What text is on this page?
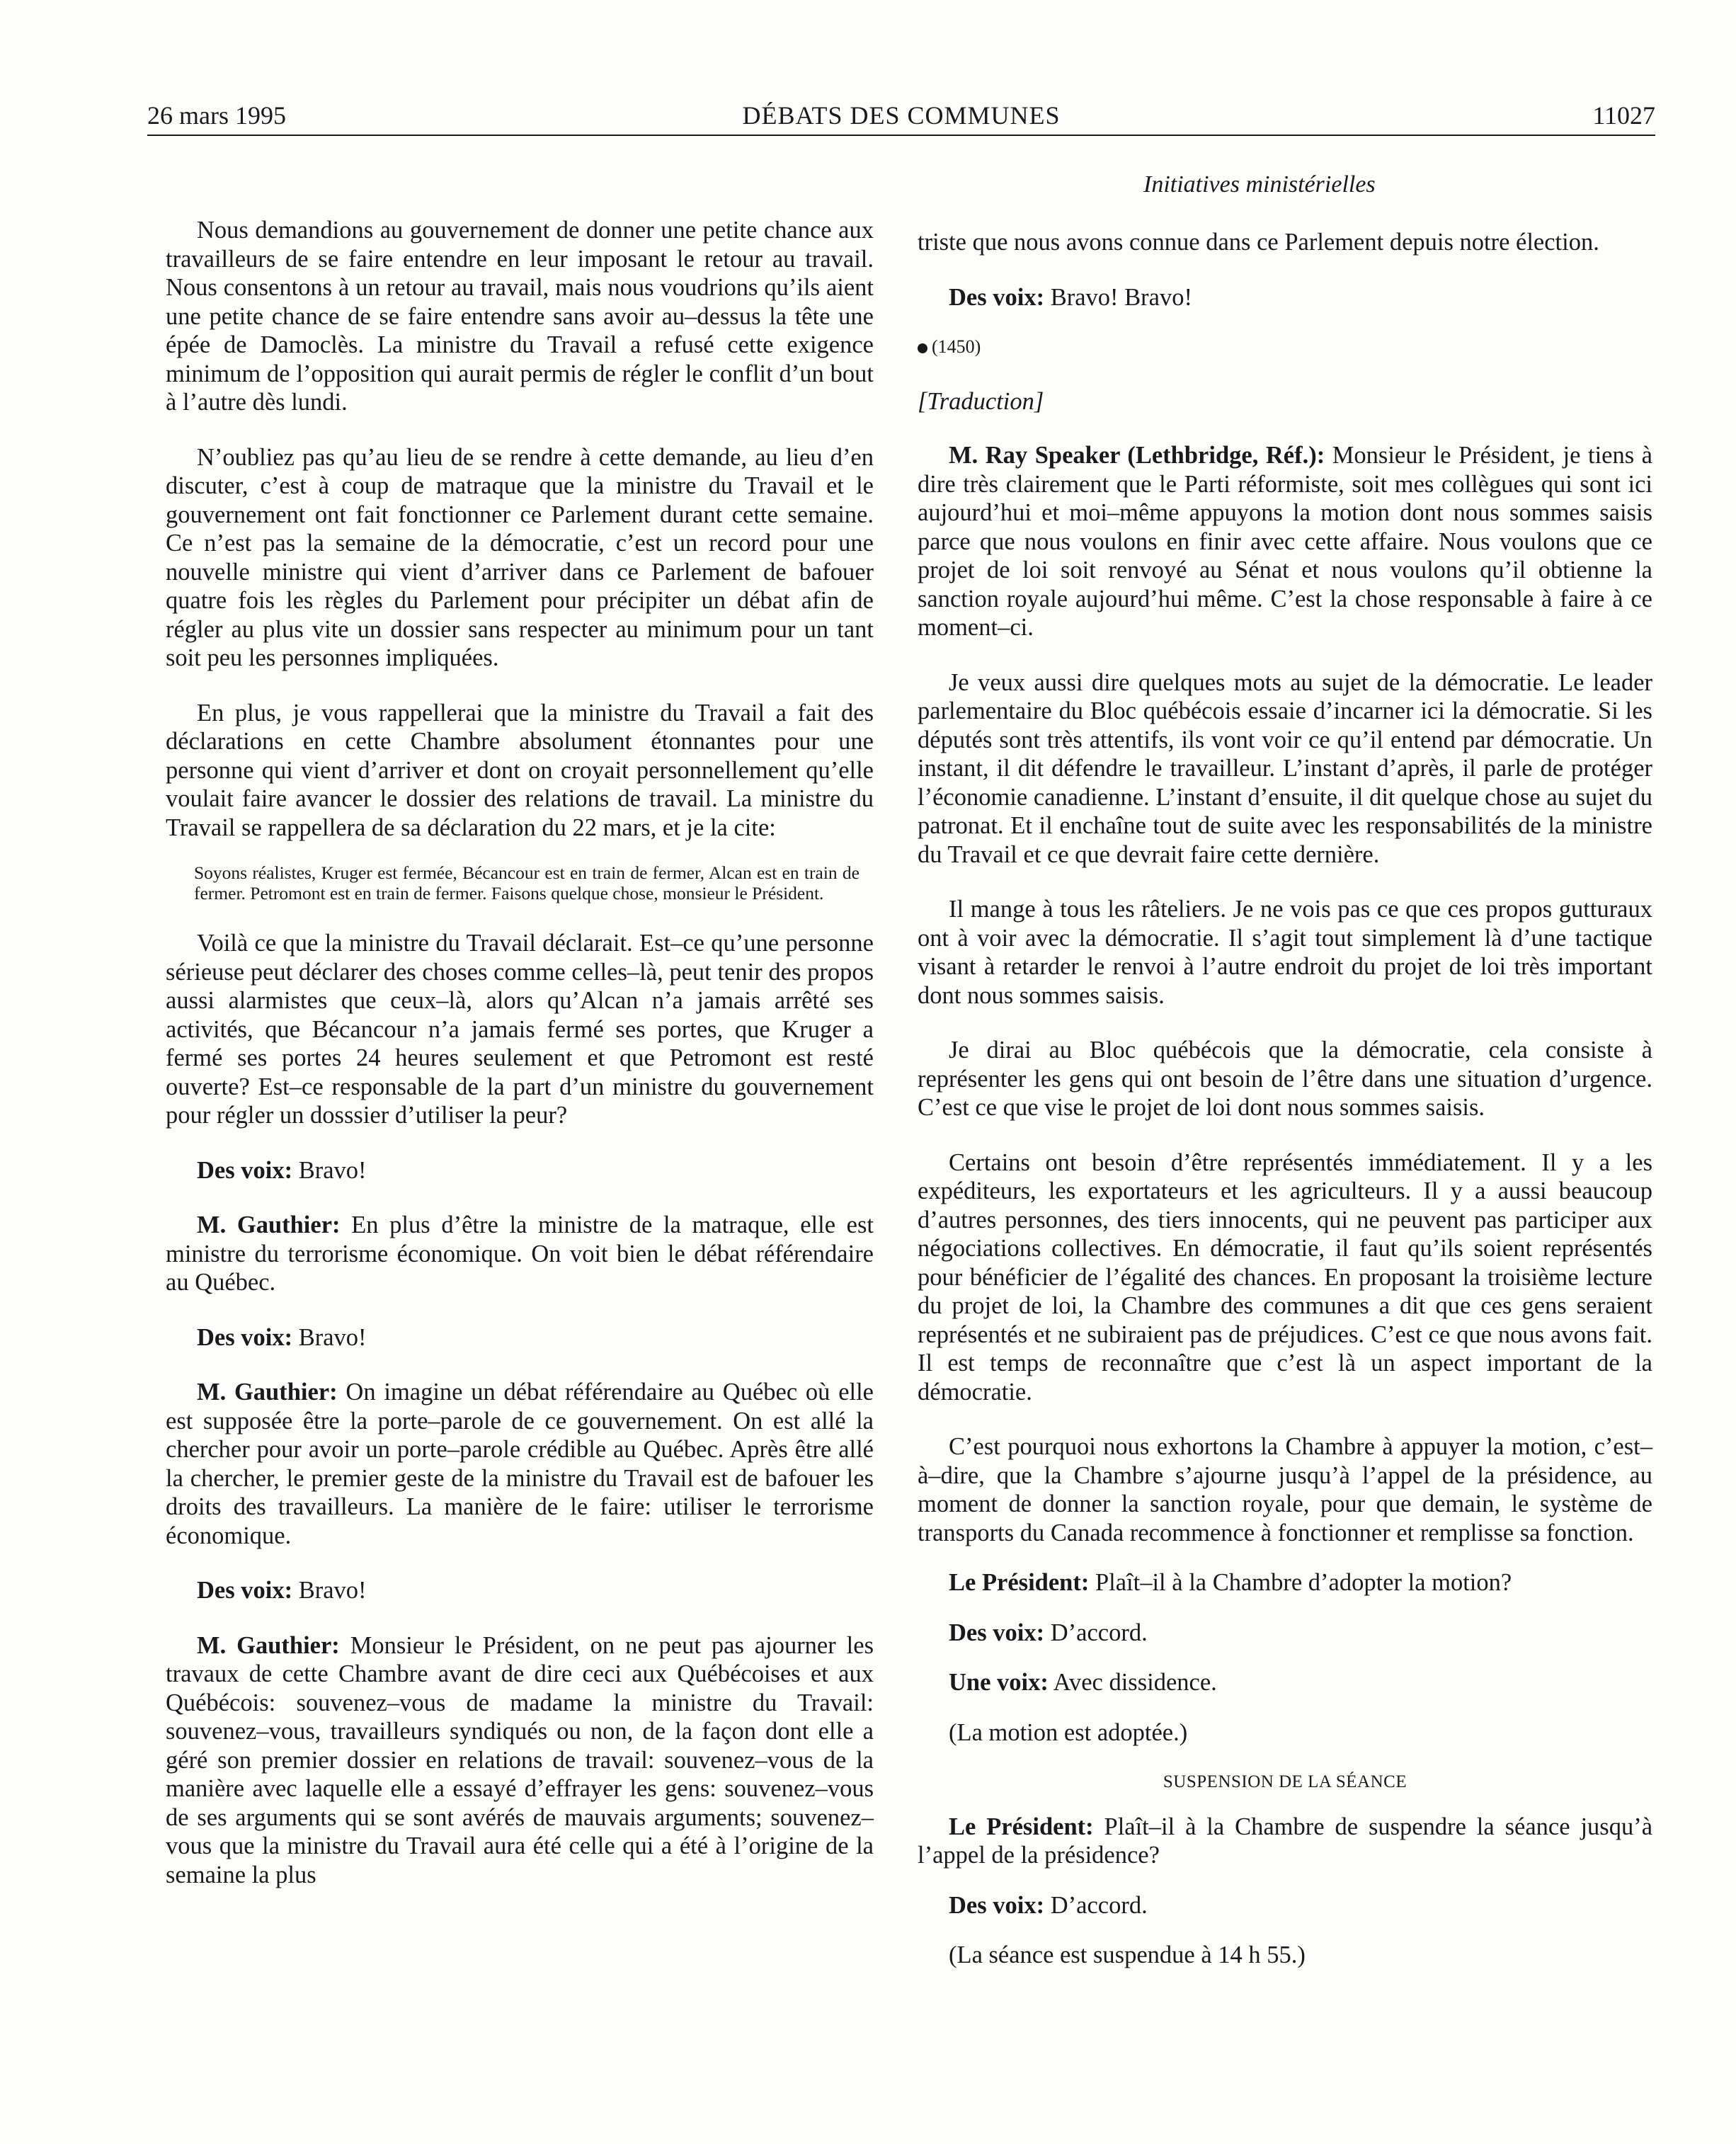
26 mars 1995	DÉBATS DES COMMUNES	11027
Initiatives ministérielles

Nous demandions au gouvernement de donner une petite chance aux travailleurs de se faire entendre en leur imposant le retour au travail. Nous consentons à un retour au travail, mais nous voudrions qu’ils aient une petite chance de se faire entendre sans avoir au–dessus la tête une épée de Damoclès. La ministre du Travail a refusé cette exigence minimum de l’opposition qui aurait permis de régler le conflit d’un bout à l’autre dès lundi.

N’oubliez pas qu’au lieu de se rendre à cette demande, au lieu d’en discuter, c’est à coup de matraque que la ministre du Travail et le gouvernement ont fait fonctionner ce Parlement durant cette semaine. Ce n’est pas la semaine de la démocratie, c’est un record pour une nouvelle ministre qui vient d’arriver dans ce Parlement de bafouer quatre fois les règles du Parlement pour précipiter un débat afin de régler au plus vite un dossier sans respecter au minimum pour un tant soit peu les personnes impliquées.

En plus, je vous rappellerai que la ministre du Travail a fait des déclarations en cette Chambre absolument étonnantes pour une personne qui vient d’arriver et dont on croyait personnellement qu’elle voulait faire avancer le dossier des relations de travail. La ministre du Travail se rappellera de sa déclaration du 22 mars, et je la cite:

Soyons réalistes, Kruger est fermée, Bécancour est en train de fermer, Alcan est en train de fermer. Petromont est en train de fermer. Faisons quelque chose, monsieur le Président.

Voilà ce que la ministre du Travail déclarait. Est–ce qu’une personne sérieuse peut déclarer des choses comme celles–là, peut tenir des propos aussi alarmistes que ceux–là, alors qu’Alcan n’a jamais arrêté ses activités, que Bécancour n’a jamais fermé ses portes, que Kruger a fermé ses portes 24 heures seulement et que Petromont est resté ouverte? Est–ce responsable de la part d’un ministre du gouvernement pour régler un dosssier d’utiliser la peur?

Des voix: Bravo!

M. Gauthier: En plus d’être la ministre de la matraque, elle est ministre du terrorisme économique. On voit bien le débat référendaire au Québec.

Des voix: Bravo!

M. Gauthier: On imagine un débat référendaire au Québec où elle est supposée être la porte–parole de ce gouvernement. On est allé la chercher pour avoir un porte–parole crédible au Québec. Après être allé la chercher, le premier geste de la ministre du Travail est de bafouer les droits des travailleurs. La manière de le faire: utiliser le terrorisme économique.

Des voix: Bravo!

M. Gauthier: Monsieur le Président, on ne peut pas ajourner les travaux de cette Chambre avant de dire ceci aux Québécoises et aux Québécois: souvenez–vous de madame la ministre du Travail: souvenez–vous, travailleurs syndiqués ou non, de la façon dont elle a géré son premier dossier en relations de travail: souvenez–vous de la manière avec laquelle elle a essayé d’effrayer les gens: souvenez–vous de ses arguments qui se sont avérés de mauvais arguments; souvenez–vous que la ministre du Travail aura été celle qui a été à l’origine de la semaine la plus

triste que nous avons connue dans ce Parlement depuis notre élection.

Des voix: Bravo! Bravo!

(1450)
[Traduction]

M. Ray Speaker (Lethbridge, Réf.): Monsieur le Président, je tiens à dire très clairement que le Parti réformiste, soit mes collègues qui sont ici aujourd’hui et moi–même appuyons la motion dont nous sommes saisis parce que nous voulons en finir avec cette affaire. Nous voulons que ce projet de loi soit renvoyé au Sénat et nous voulons qu’il obtienne la sanction royale aujourd’hui même. C’est la chose responsable à faire à ce moment–ci.

Je veux aussi dire quelques mots au sujet de la démocratie. Le leader parlementaire du Bloc québécois essaie d’incarner ici la démocratie. Si les députés sont très attentifs, ils vont voir ce qu’il entend par démocratie. Un instant, il dit défendre le travailleur. L’instant d’après, il parle de protéger l’économie canadienne. L’instant d’ensuite, il dit quelque chose au sujet du patronat. Et il enchaîne tout de suite avec les responsabilités de la ministre du Travail et ce que devrait faire cette dernière.

Il mange à tous les râteliers. Je ne vois pas ce que ces propos gutturaux ont à voir avec la démocratie. Il s’agit tout simplement là d’une tactique visant à retarder le renvoi à l’autre endroit du projet de loi très important dont nous sommes saisis.

Je dirai au Bloc québécois que la démocratie, cela consiste à représenter les gens qui ont besoin de l’être dans une situation d’urgence. C’est ce que vise le projet de loi dont nous sommes saisis.

Certains ont besoin d’être représentés immédiatement. Il y a les expéditeurs, les exportateurs et les agriculteurs. Il y a aussi beaucoup d’autres personnes, des tiers innocents, qui ne peuvent pas participer aux négociations collectives. En démocratie, il faut qu’ils soient représentés pour bénéficier de l’égalité des chances. En proposant la troisième lecture du projet de loi, la Chambre des communes a dit que ces gens seraient représentés et ne subiraient pas de préjudices. C’est ce que nous avons fait. Il est temps de reconnaître que c’est là un aspect important de la démocratie.

C’est pourquoi nous exhortons la Chambre à appuyer la motion, c’est–à–dire, que la Chambre s’ajourne jusqu’à l’appel de la présidence, au moment de donner la sanction royale, pour que demain, le système de transports du Canada recommence à fonctionner et remplisse sa fonction.

Le Président: Plaît–il à la Chambre d’adopter la motion?

Des voix: D’accord.

Une voix: Avec dissidence.

(La motion est adoptée.)

SUSPENSION DE LA SÉANCE

Le Président: Plaît–il à la Chambre de suspendre la séance jusqu’à l’appel de la présidence?

Des voix: D’accord.

(La séance est suspendue à 14 h 55.)
